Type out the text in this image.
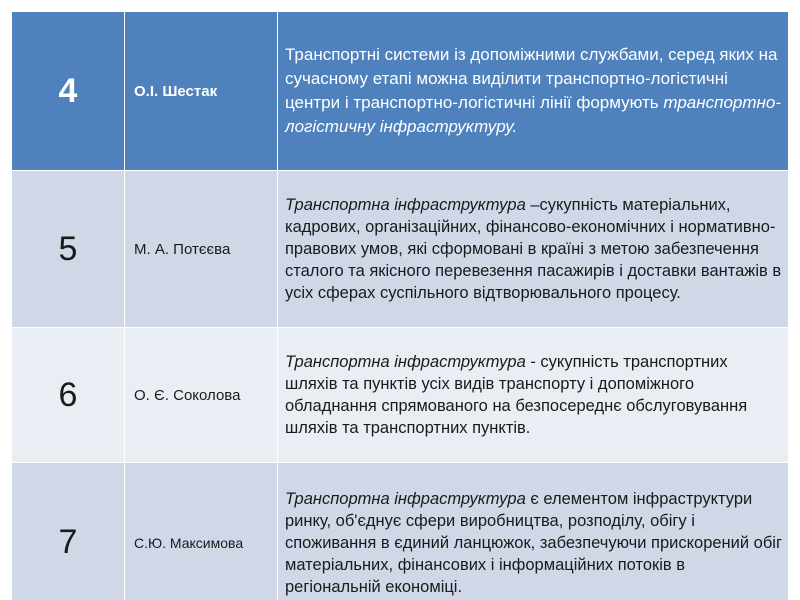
4	О.І. Шестак	Транспортні системи із допоміжними службами, серед яких на сучасному етапі можна виділити транспортно-логістичні центри і транспортно-логістичні лінії формують транспортно-логістичну інфраструктуру.
5	М. А. Потєєва	Транспортна інфраструктура –сукупність матеріальних, кадрових, організаційних, фінансово-економічних і нормативно-правових умов, які сформовані в країні з метою забезпечення сталого та якісного перевезення пасажирів і доставки вантажів в усіх сферах суспільного відтворювального процесу.
6	О. Є. Соколова	Транспортна інфраструктура - сукупність транспортних шляхів та пунктів усіх видів транспорту і допоміжного обладнання спрямованого на безпосереднє обслуговування шляхів та транспортних пунктів.
7	С.Ю. Максимова	Транспортна інфраструктура є елементом інфраструктури ринку, об'єднує сфери виробництва, розподілу, обігу і споживання в єдиний ланцюжок, забезпечуючи прискорений обіг матеріальних, фінансових і інформаційних потоків в регіональній економіці.
